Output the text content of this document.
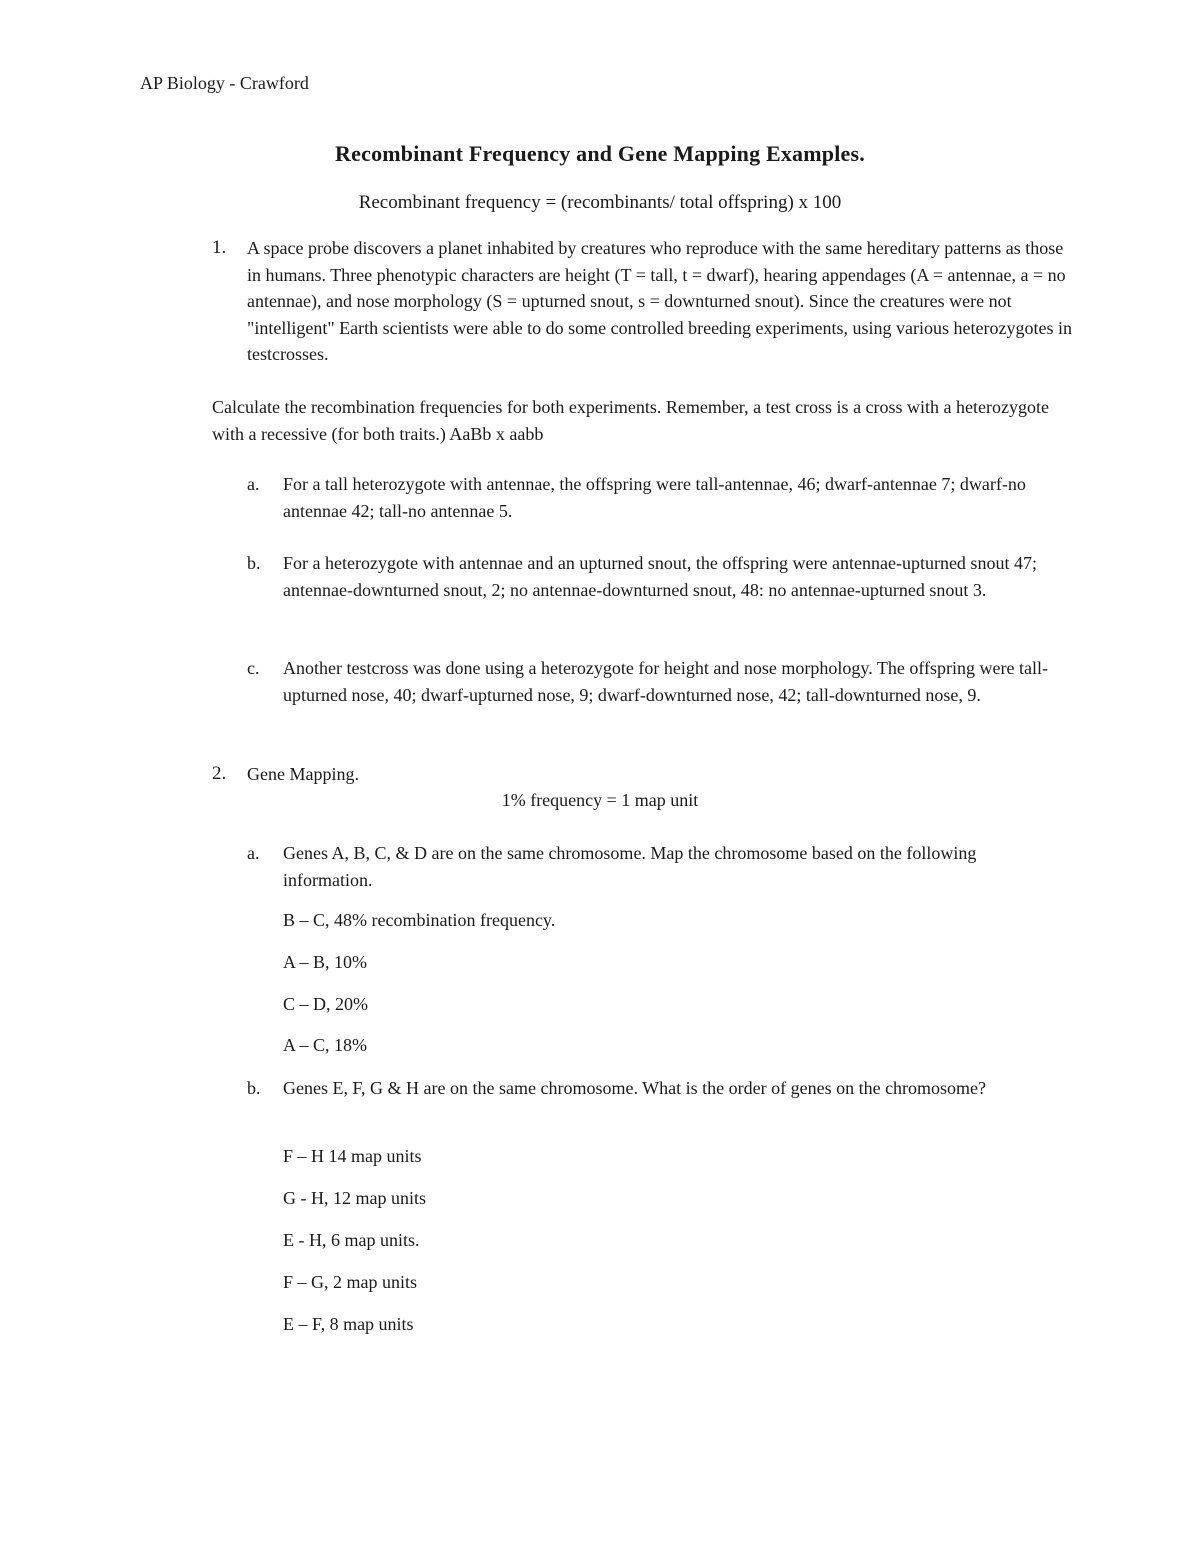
AP Biology - Crawford
Recombinant Frequency and Gene Mapping Examples.
Recombinant frequency = (recombinants/ total offspring) x 100
1. A space probe discovers a planet inhabited by creatures who reproduce with the same hereditary patterns as those in humans. Three phenotypic characters are height (T = tall, t = dwarf), hearing appendages (A = antennae, a = no antennae), and nose morphology (S = upturned snout, s = downturned snout). Since the creatures were not "intelligent" Earth scientists were able to do some controlled breeding experiments, using various heterozygotes in testcrosses.
Calculate the recombination frequencies for both experiments. Remember, a test cross is a cross with a heterozygote with a recessive (for both traits.) AaBb x aabb
a. For a tall heterozygote with antennae, the offspring were tall-antennae, 46; dwarf-antennae 7; dwarf-no antennae 42; tall-no antennae 5.
b. For a heterozygote with antennae and an upturned snout, the offspring were antennae-upturned snout 47; antennae-downturned snout, 2; no antennae-downturned snout, 48: no antennae-upturned snout 3.
c. Another testcross was done using a heterozygote for height and nose morphology. The offspring were tall-upturned nose, 40; dwarf-upturned nose, 9; dwarf-downturned nose, 42; tall-downturned nose, 9.
2. Gene Mapping.
1% frequency = 1 map unit
a. Genes A, B, C, & D are on the same chromosome. Map the chromosome based on the following information.
B – C, 48% recombination frequency.
A – B, 10%
C – D, 20%
A – C, 18%
b. Genes E, F, G & H are on the same chromosome. What is the order of genes on the chromosome?
F – H 14 map units
G - H, 12 map units
E - H, 6 map units.
F – G, 2 map units
E – F, 8 map units
